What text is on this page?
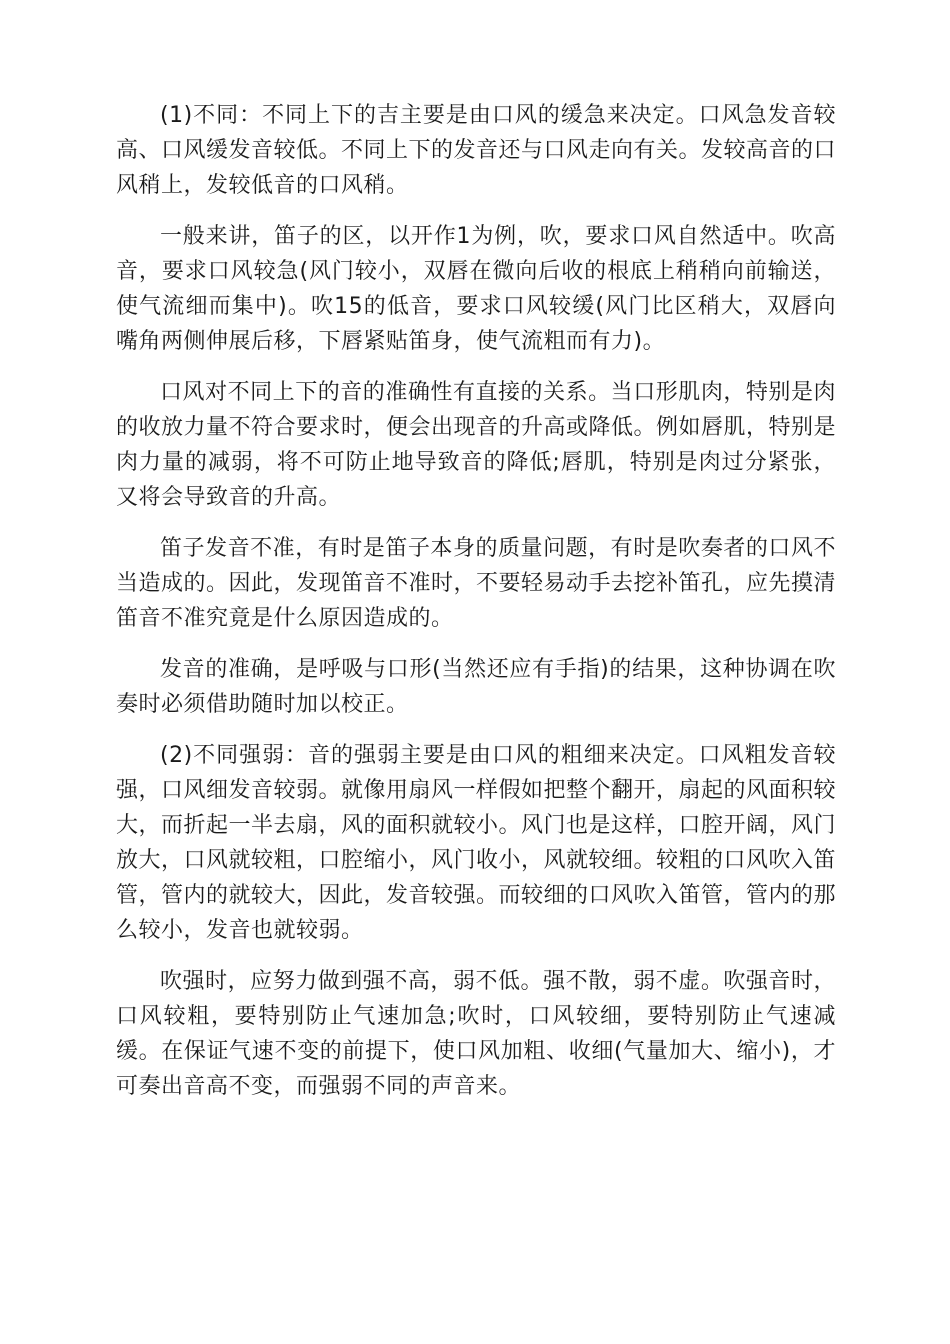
(1)不同：不同上下的吉主要是由口风的缓急来决定。口风急发音较高、口风缓发音较低。不同上下的发音还与口风走向有关。发较高音的口风稍上，发较低音的口风稍。

一般来讲，笛子的区，以开作1为例，吹，要求口风自然适中。吹高音，要求口风较急(风门较小，双唇在微向后收的根底上稍稍向前输送，使气流细而集中)。吹15的低音，要求口风较缓(风门比区稍大，双唇向嘴角两侧伸展后移，下唇紧贴笛身，使气流粗而有力)。

口风对不同上下的音的准确性有直接的关系。当口形肌肉，特别是肉的收放力量不符合要求时，便会出现音的升高或降低。例如唇肌，特别是肉力量的减弱，将不可防止地导致音的降低;唇肌，特别是肉过分紧张，又将会导致音的升高。

笛子发音不准，有时是笛子本身的质量问题，有时是吹奏者的口风不当造成的。因此，发现笛音不准时，不要轻易动手去挖补笛孔，应先摸清笛音不准究竟是什么原因造成的。

发音的准确，是呼吸与口形(当然还应有手指)的结果，这种协调在吹奏时必须借助随时加以校正。

(2)不同强弱：音的强弱主要是由口风的粗细来决定。口风粗发音较强，口风细发音较弱。就像用扇风一样假如把整个翻开，扇起的风面积较大，而折起一半去扇，风的面积就较小。风门也是这样，口腔开阔，风门放大，口风就较粗，口腔缩小，风门收小，风就较细。较粗的口风吹入笛管，管内的就较大，因此，发音较强。而较细的口风吹入笛管，管内的那么较小，发音也就较弱。

吹强时，应努力做到强不高，弱不低。强不散，弱不虚。吹强音时，口风较粗，要特别防止气速加急;吹时，口风较细，要特别防止气速减缓。在保证气速不变的前提下，使口风加粗、收细(气量加大、缩小)，才可奏出音高不变，而强弱不同的声音来。
